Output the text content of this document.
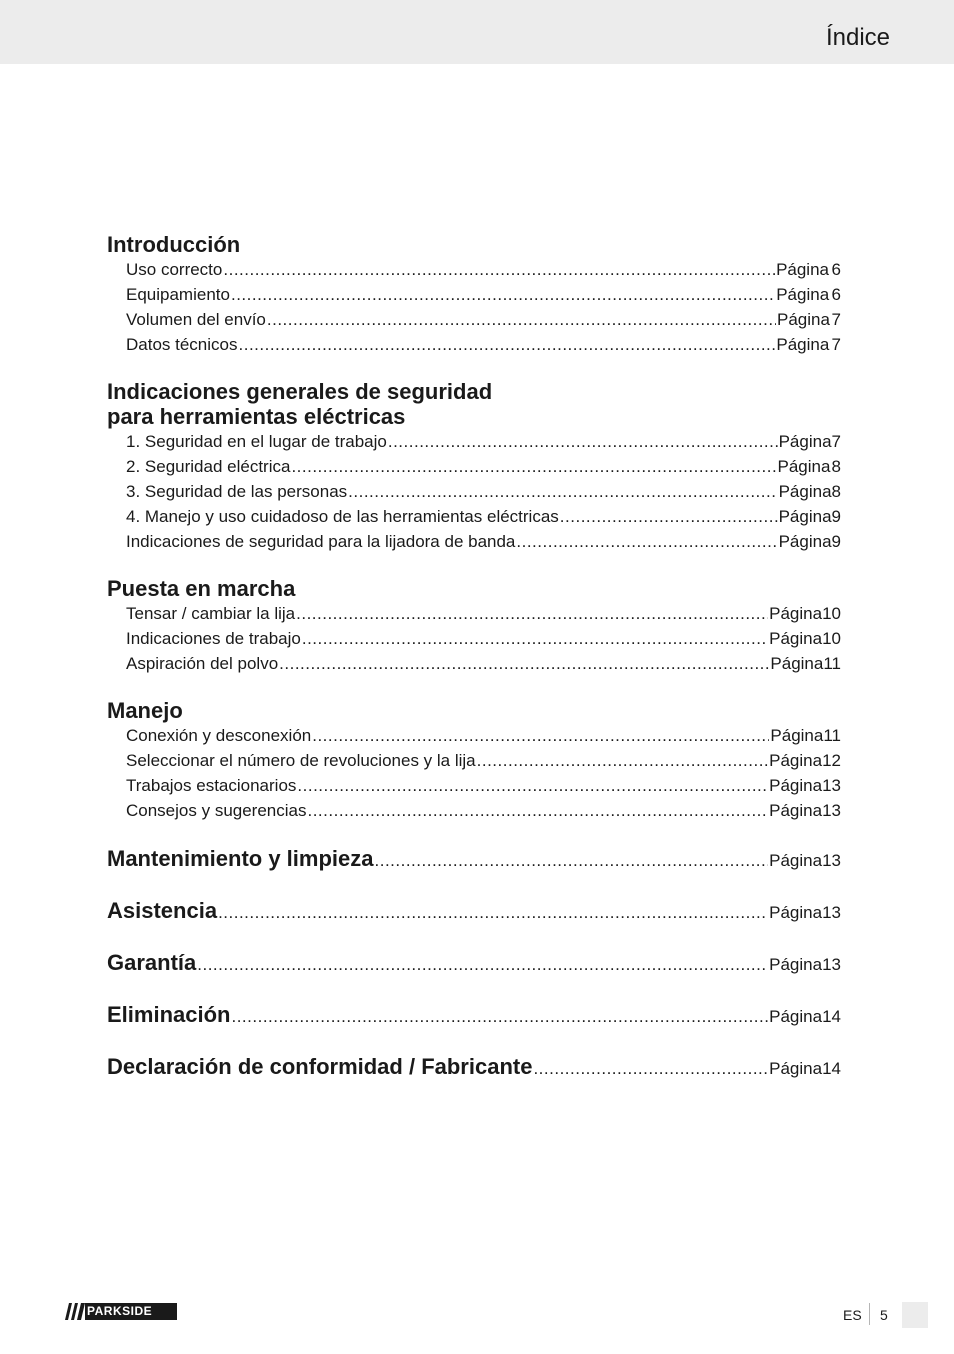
Índice
Introducción
Uso correcto .....	Página 6
Equipamiento .....	Página 6
Volumen del envío .....	Página 7
Datos técnicos .....	Página 7
Indicaciones generales de seguridad
para herramientas eléctricas
1. Seguridad en el lugar de trabajo .....	Página 7
2. Seguridad eléctrica .....	Página 8
3. Seguridad de las personas .....	Página 8
4. Manejo y uso cuidadoso de las herramientas eléctricas .....	Página 9
Indicaciones de seguridad para la lijadora de banda .....	Página 9
Puesta en marcha
Tensar / cambiar la lija .....	Página 10
Indicaciones de trabajo .....	Página 10
Aspiración del polvo .....	Página 11
Manejo
Conexión y desconexión .....	Página 11
Seleccionar el número de revoluciones y la lija .....	Página 12
Trabajos estacionarios .....	Página 13
Consejos y sugerencias .....	Página 13
Mantenimiento y limpieza .....	Página 13
Asistencia .....	Página 13
Garantía .....	Página 13
Eliminación .....	Página 14
Declaración de conformidad / Fabricante .....	Página 14
PARKSIDE	ES 5
